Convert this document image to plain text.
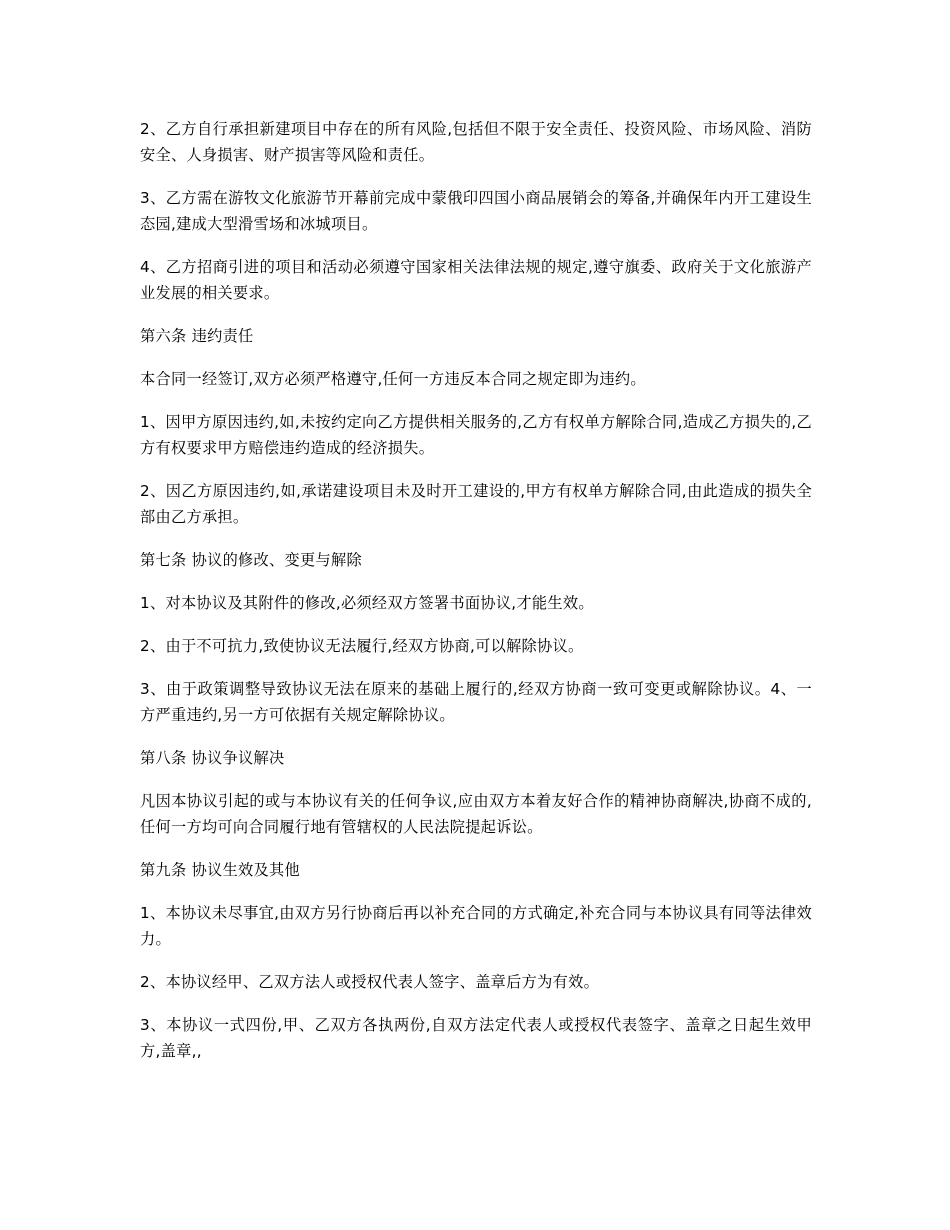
2、乙方自行承担新建项目中存在的所有风险,包括但不限于安全责任、投资风险、市场风险、消防安全、人身损害、财产损害等风险和责任。

3、乙方需在游牧文化旅游节开幕前完成中蒙俄印四国小商品展销会的筹备,并确保年内开工建设生态园,建成大型滑雪场和冰城项目。

4、乙方招商引进的项目和活动必须遵守国家相关法律法规的规定,遵守旗委、政府关于文化旅游产业发展的相关要求。

第六条 违约责任

本合同一经签订,双方必须严格遵守,任何一方违反本合同之规定即为违约。

1、因甲方原因违约,如,未按约定向乙方提供相关服务的,乙方有权单方解除合同,造成乙方损失的,乙方有权要求甲方赔偿违约造成的经济损失。

2、因乙方原因违约,如,承诺建设项目未及时开工建设的,甲方有权单方解除合同,由此造成的损失全部由乙方承担。

第七条 协议的修改、变更与解除

1、对本协议及其附件的修改,必须经双方签署书面协议,才能生效。

2、由于不可抗力,致使协议无法履行,经双方协商,可以解除协议。

3、由于政策调整导致协议无法在原来的基础上履行的,经双方协商一致可变更或解除协议。4、一方严重违约,另一方可依据有关规定解除协议。

第八条 协议争议解决

凡因本协议引起的或与本协议有关的任何争议,应由双方本着友好合作的精神协商解决,协商不成的,任何一方均可向合同履行地有管辖权的人民法院提起诉讼。

第九条 协议生效及其他

1、本协议未尽事宜,由双方另行协商后再以补充合同的方式确定,补充合同与本协议具有同等法律效力。

2、本协议经甲、乙双方法人或授权代表人签字、盖章后方为有效。

3、本协议一式四份,甲、乙双方各执两份,自双方法定代表人或授权代表签字、盖章之日起生效甲方,盖章,,
